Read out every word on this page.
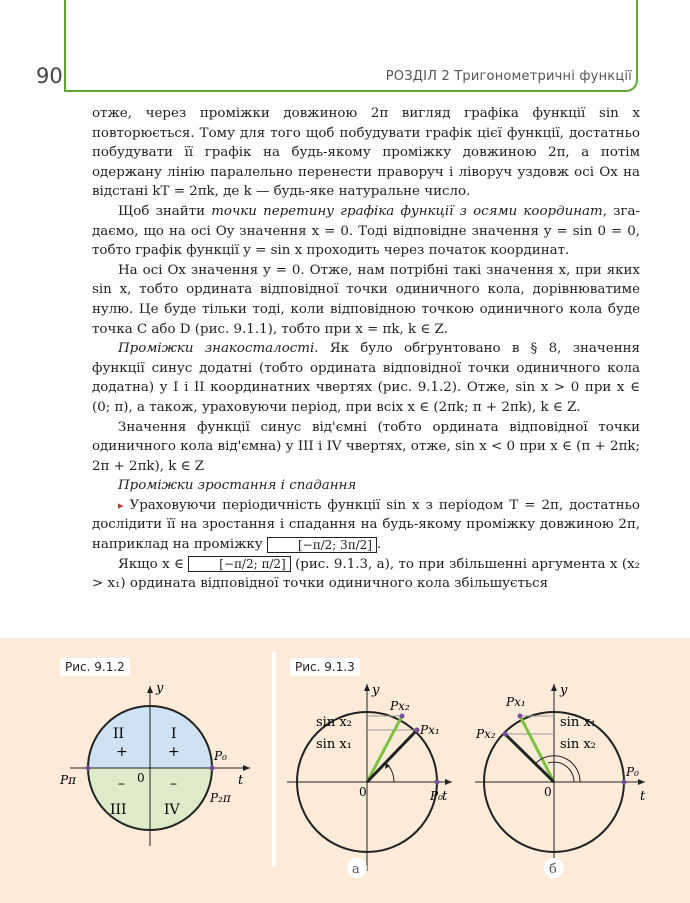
90	РОЗДІЛ 2 Тригонометричні функції

отже, через проміжки довжиною 2π вигляд графіка функції sin x повторюється. Тому для того щоб побудувати графік цієї функції, достатньо побудувати її графік на будь-якому проміжку довжиною 2π, а потім одержану лінію паралельно перенести праворуч і ліворуч уздовж осі Ox на відстані kT = 2πk, де k — будь-яке натуральне число.

Щоб знайти точки перетину графіка функції з осями координат, згадаємо, що на осі Oy значення x = 0. Тоді відповідне значення y = sin 0 = 0, тобто графік функції y = sin x проходить через початок координат.

На осі Ox значення y = 0. Отже, нам потрібні такі значення x, при яких sin x, тобто ордината відповідної точки одиничного кола, дорівнюватиме нулю. Це буде тільки тоді, коли відповідною точкою одиничного кола буде точка C або D (рис. 9.1.1), тобто при x = πk, k ∈ Z.

Проміжки знакосталості. Як було обґрунтовано в § 8, значення функції синус додатні (тобто ордината відповідної точки одиничного кола додатна) у I і II координатних чвертях (рис. 9.1.2). Отже, sin x > 0 при x ∈ (0; π), а також, ураховуючи період, при всіх x ∈ (2πk; π + 2πk), k ∈ Z.

Значення функції синус від'ємні (тобто ордината відповідної точки одиничного кола від'ємна) у III і IV чвертях, отже, sin x < 0 при x ∈ (π + 2πk; 2π + 2πk), k ∈ Z

Проміжки зростання і спадання

▸ Ураховуючи періодичність функції sin x з періодом T = 2π, достатньо дослідити її на зростання і спадання на будь-якому проміжку довжиною 2π, наприклад на проміжку	[−π/2; 3π/2] .

Якщо x ∈	[−π/2; π/2] (рис. 9.1.3, а), то при збільшенні аргумента x (x₂ > x₁) ордината відповідної точки одиничного кола збільшується

Рис. 9.1.2	Рис. 9.1.3
y
t
0
II
+
I
+
–
III
–
IV
P₀
Pπ
P₂π
sin x₂
sin x₁
Px₂
Px₁
P₀
0
y
t
а
sin x₁
sin x₂
Px₁
Px₂
P₀
0
y
t
б
